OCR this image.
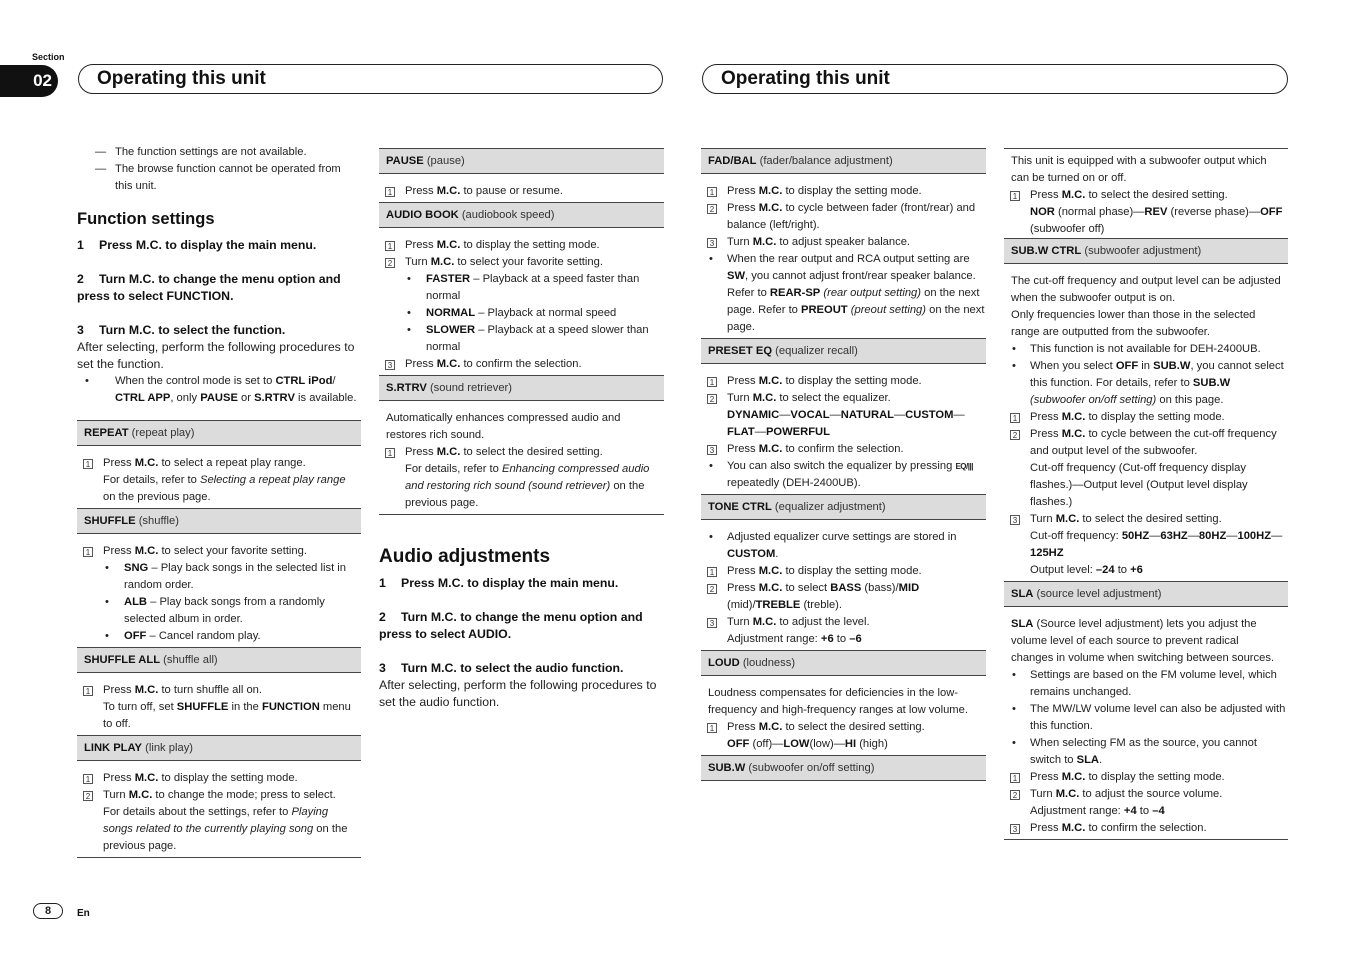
Section
02	Operating this unit	Operating this unit
— The function settings are not available.
— The browse function cannot be operated from this unit.
Function settings
1 Press M.C. to display the main menu.
2 Turn M.C. to change the menu option and press to select FUNCTION.
3 Turn M.C. to select the function.

After selecting, perform the following procedures to set the function.

• When the control mode is set to CTRL iPod/
CTRL APP, only PAUSE or S.RTRV is available.
REPEAT (repeat play)
1 Press M.C. to select a repeat play range.
For details, refer to Selecting a repeat play range on the previous page.
SHUFFLE (shuffle)
1 Press M.C. to select your favorite setting.
• SNG – Play back songs in the selected list in random order.
• ALB – Play back songs from a randomly selected album in order.
• OFF – Cancel random play.
SHUFFLE ALL (shuffle all)
1 Press M.C. to turn shuffle all on.
To turn off, set SHUFFLE in the FUNCTION menu to off.
LINK PLAY (link play)
1 Press M.C. to display the setting mode.
2 Turn M.C. to change the mode; press to select.
For details about the settings, refer to Playing songs related to the currently playing song on the previous page.
PAUSE (pause)
1 Press M.C. to pause or resume.
AUDIO BOOK (audiobook speed)
1 Press M.C. to display the setting mode.
2 Turn M.C. to select your favorite setting.
• FASTER – Playback at a speed faster than normal
• NORMAL – Playback at normal speed
• SLOWER – Playback at a speed slower than normal
3 Press M.C. to confirm the selection.
S.RTRV (sound retriever)

Automatically enhances compressed audio and restores rich sound.

1 Press M.C. to select the desired setting.
For details, refer to Enhancing compressed audio and restoring rich sound (sound retriever) on the previous page.
Audio adjustments
1 Press M.C. to display the main menu.
2 Turn M.C. to change the menu option and press to select AUDIO.
3 Turn M.C. to select the audio function.

After selecting, perform the following procedures to set the audio function.

FAD/BAL (fader/balance adjustment)
1 Press M.C. to display the setting mode.
2 Press M.C. to cycle between fader (front/rear) and balance (left/right).
3 Turn M.C. to adjust speaker balance.
• When the rear output and RCA output setting are SW, you cannot adjust front/rear speaker balance. Refer to REAR-SP (rear output setting) on the next page. Refer to PREOUT (preout setting) on the next page.
PRESET EQ (equalizer recall)
1 Press M.C. to display the setting mode.
2 Turn M.C. to select the equalizer.
DYNAMIC—VOCAL—NATURAL—CUSTOM—FLAT—POWERFUL
3 Press M.C. to confirm the selection.
• You can also switch the equalizer by pressing EQ/||| repeatedly (DEH-2400UB).
TONE CTRL (equalizer adjustment)
• Adjusted equalizer curve settings are stored in CUSTOM.
1 Press M.C. to display the setting mode.
2 Press M.C. to select BASS (bass)/MID (mid)/TREBLE (treble).
3 Turn M.C. to adjust the level.
Adjustment range: +6 to –6
LOUD (loudness)

Loudness compensates for deficiencies in the low-frequency and high-frequency ranges at low volume.

1 Press M.C. to select the desired setting.
OFF (off)—LOW(low)—HI (high)
SUB.W (subwoofer on/off setting)

This unit is equipped with a subwoofer output which can be turned on or off.

1 Press M.C. to select the desired setting.
NOR (normal phase)—REV (reverse phase)—OFF (subwoofer off)
SUB.W CTRL (subwoofer adjustment)

The cut-off frequency and output level can be adjusted when the subwoofer output is on.

Only frequencies lower than those in the selected range are outputted from the subwoofer.

• This function is not available for DEH-2400UB.
• When you select OFF in SUB.W, you cannot select this function. For details, refer to SUB.W (subwoofer on/off setting) on this page.
1 Press M.C. to display the setting mode.
2 Press M.C. to cycle between the cut-off frequency and output level of the subwoofer.
Cut-off frequency (Cut-off frequency display flashes.)—Output level (Output level display flashes.)
3 Turn M.C. to select the desired setting.
Cut-off frequency: 50HZ—63HZ—80HZ—100HZ—125HZ
Output level: –24 to +6
SLA (source level adjustment)

SLA (Source level adjustment) lets you adjust the volume level of each source to prevent radical changes in volume when switching between sources.

• Settings are based on the FM volume level, which remains unchanged.
• The MW/LW volume level can also be adjusted with this function.
• When selecting FM as the source, you cannot switch to SLA.
1 Press M.C. to display the setting mode.
2 Turn M.C. to adjust the source volume.
Adjustment range: +4 to –4
3 Press M.C. to confirm the selection.
8	En
